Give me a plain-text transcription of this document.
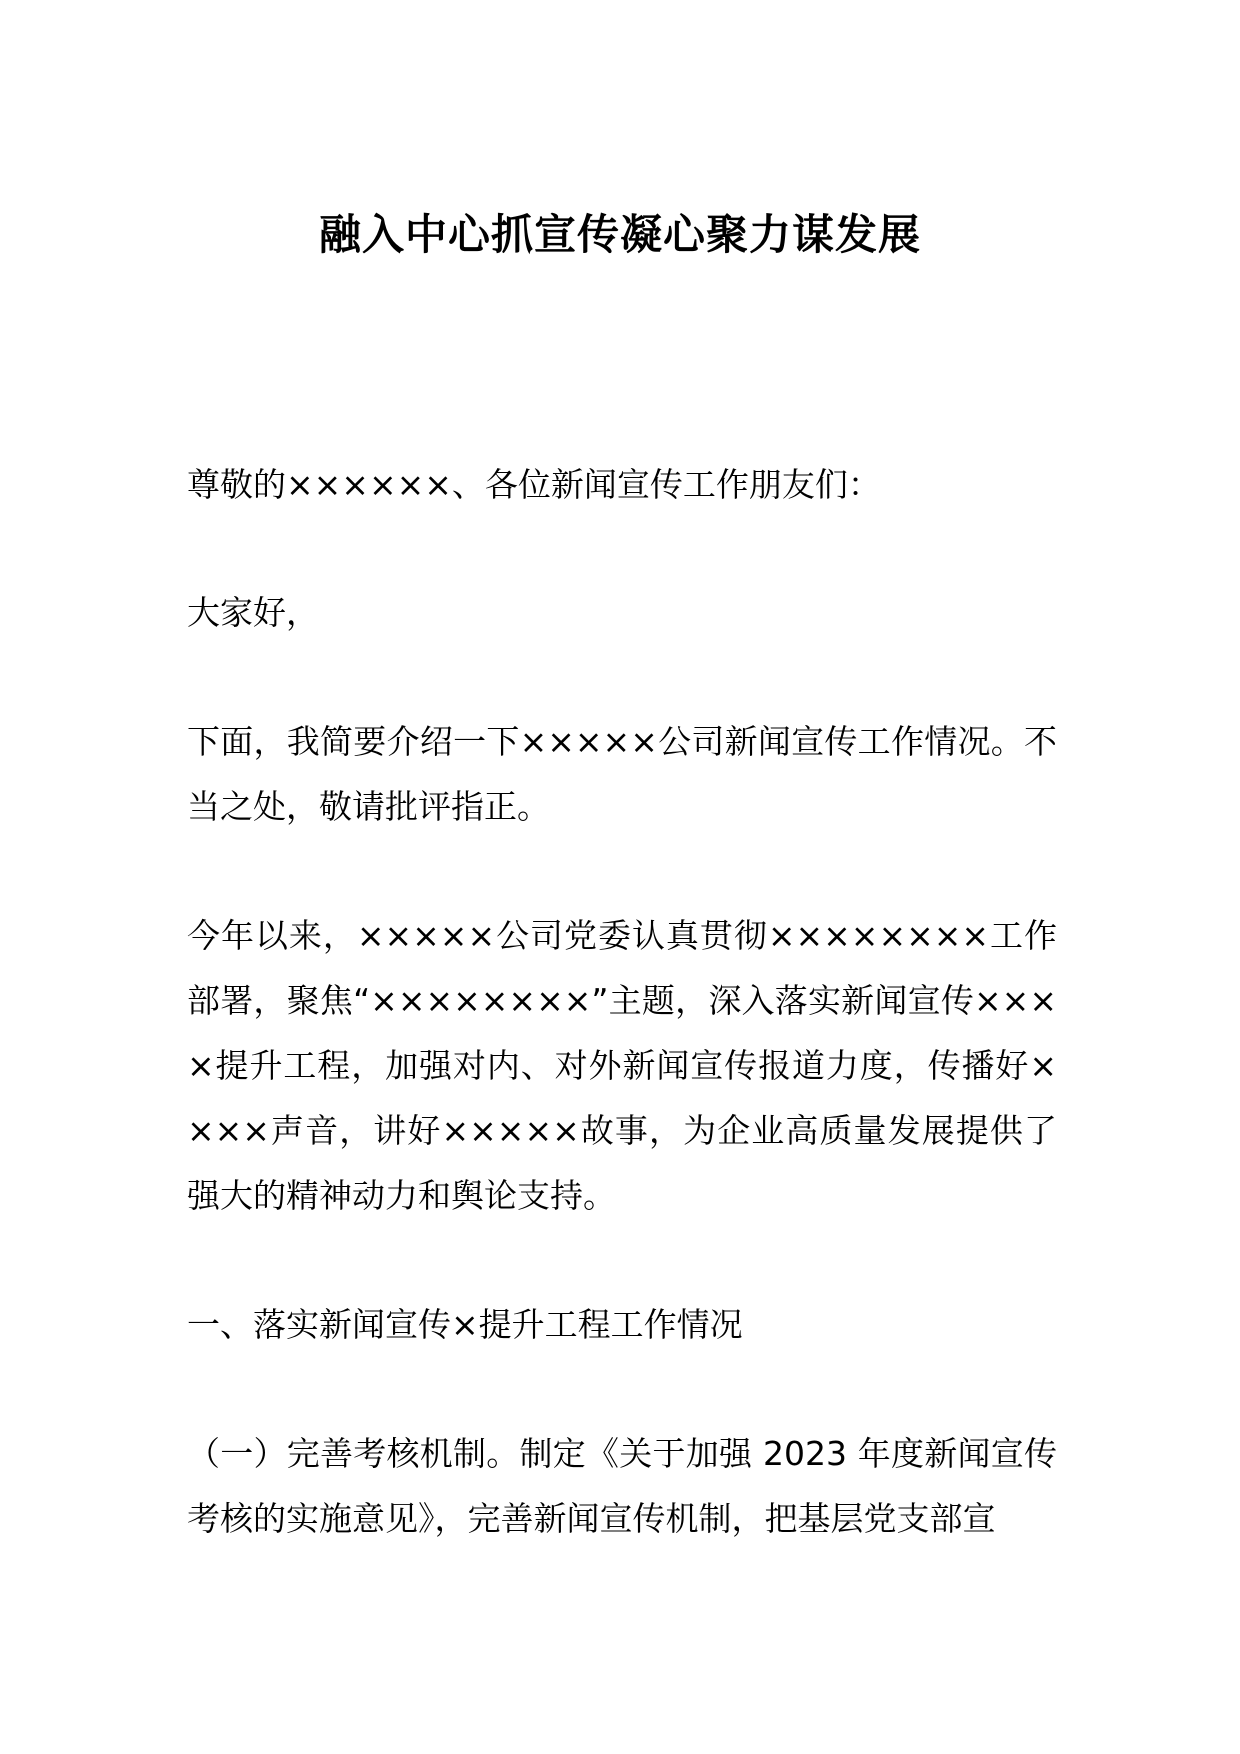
融入中心抓宣传凝心聚力谋发展

尊敬的××××××、各位新闻宣传工作朋友们：

大家好，

下面，我简要介绍一下×××××公司新闻宣传工作情况。不当之处，敬请批评指正。

今年以来，×××××公司党委认真贯彻××××××××工作部署，聚焦“××××××××”主题，深入落实新闻宣传××××提升工程，加强对内、对外新闻宣传报道力度，传播好××××声音，讲好×××××故事，为企业高质量发展提供了强大的精神动力和舆论支持。

一、落实新闻宣传×提升工程工作情况

（一）完善考核机制。制定《关于加强 2023 年度新闻宣传考核的实施意见》，完善新闻宣传机制，把基层党支部宣
